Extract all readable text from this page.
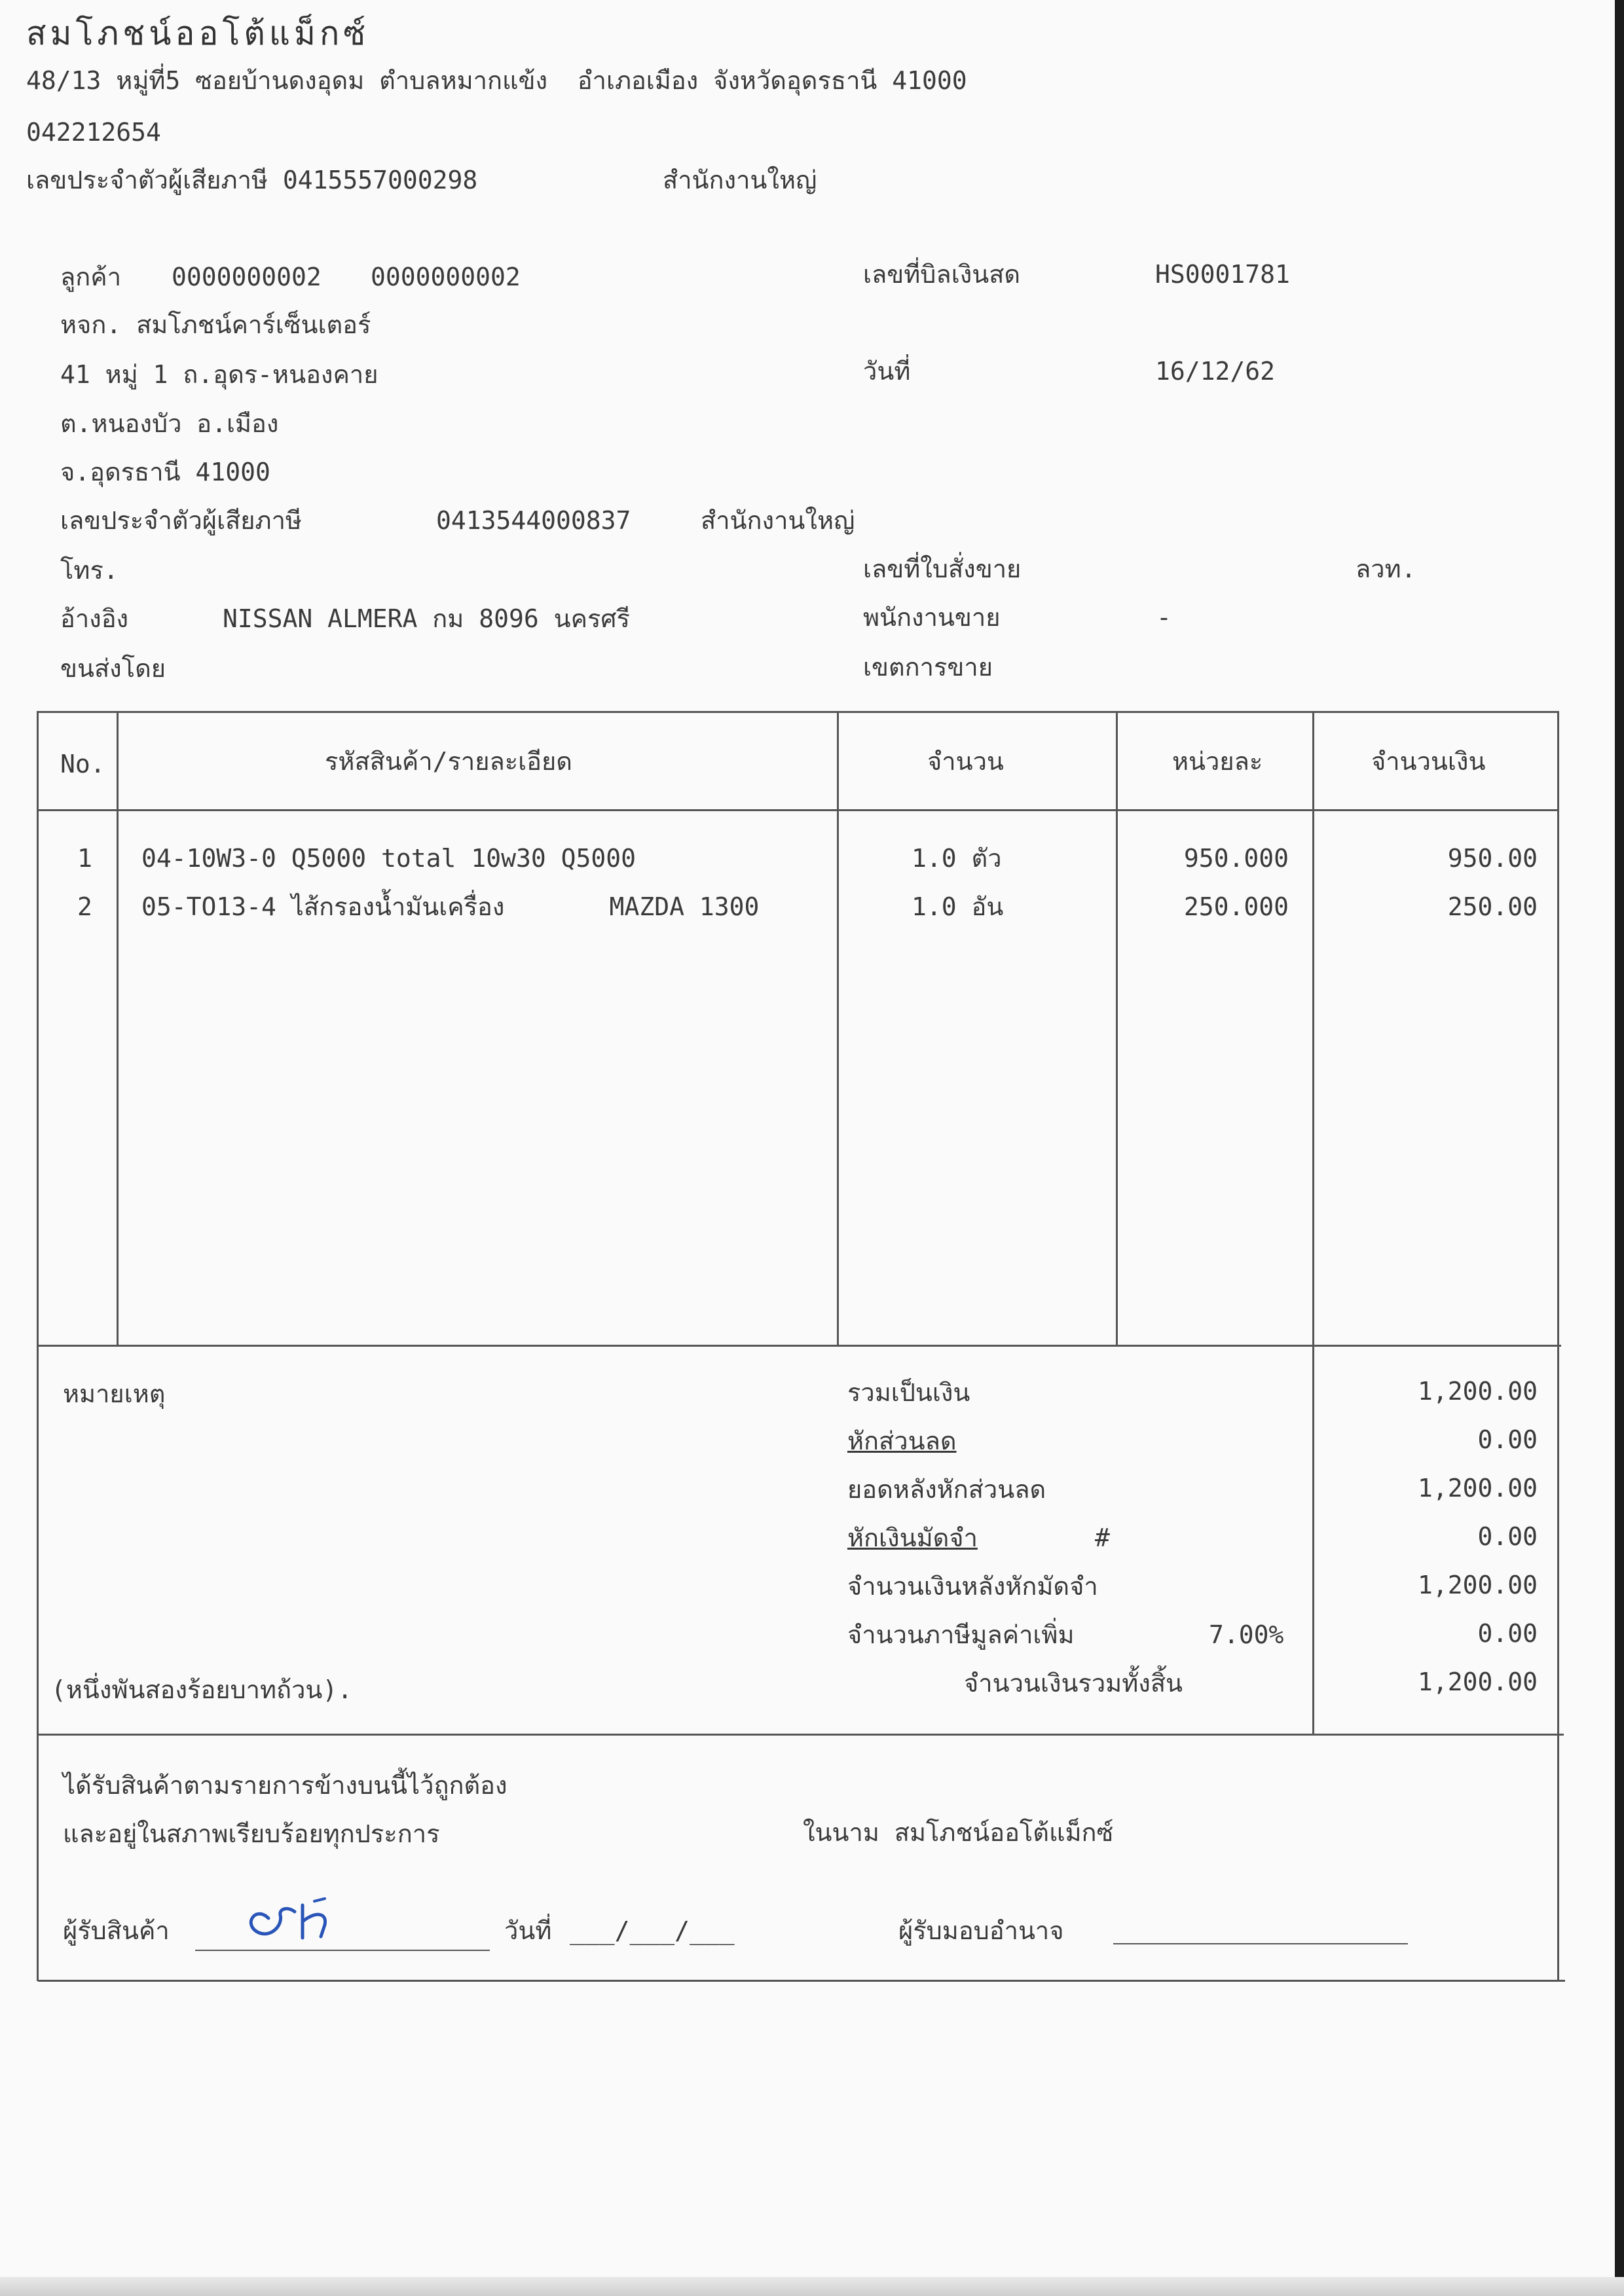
สมโภชน์ออโต้แม็กซ์
48/13 หมู่ที่5 ซอยบ้านดงอุดม ตำบลหมากแข้ง  อำเภอเมือง จังหวัดอุดรธานี 41000
042212654
เลขประจำตัวผู้เสียภาษี 0415557000298	สำนักงานใหญ่
ลูกค้า 0000000002 0000000002
หจก. สมโภชน์คาร์เซ็นเตอร์
41 หมู่ 1 ถ.อุดร-หนองคาย
ต.หนองบัว อ.เมือง
จ.อุดรธานี 41000
เลขประจำตัวผู้เสียภาษี	0413544000837	สำนักงานใหญ่
โทร.
อ้างอิง	NISSAN ALMERA กม 8096 นครศรี
ขนส่งโดย
เลขที่บิลเงินสด	HS0001781
วันที่	16/12/62
เลขที่ใบสั่งขาย	ลวท.
พนักงานขาย	-
เขตการขาย
No.	รหัสสินค้า/รายละเอียด	จำนวน	หน่วยละ	จำนวนเงิน
1 04-10W3-0 Q5000 total 10w30 Q5000	1.0 ตัว	950.000	950.00
2 05-TO13-4 ไส้กรองน้ำมันเครื่อง       MAZDA 1300	1.0 อัน	250.000	250.00
หมายเหตุ
(หนึ่งพันสองร้อยบาทถ้วน).
รวมเป็นเงิน	1,200.00
หักส่วนลด	0.00
ยอดหลังหักส่วนลด	1,200.00
หักเงินมัดจำ	#	0.00
จำนวนเงินหลังหักมัดจำ	1,200.00
จำนวนภาษีมูลค่าเพิ่ม	7.00%	0.00
จำนวนเงินรวมทั้งสิ้น	1,200.00
ได้รับสินค้าตามรายการข้างบนนี้ไว้ถูกต้อง
และอยู่ในสภาพเรียบร้อยทุกประการ	ในนาม สมโภชน์ออโต้แม็กซ์
ผู้รับสินค้า	วันที่ ___/___/___	ผู้รับมอบอำนาจ
